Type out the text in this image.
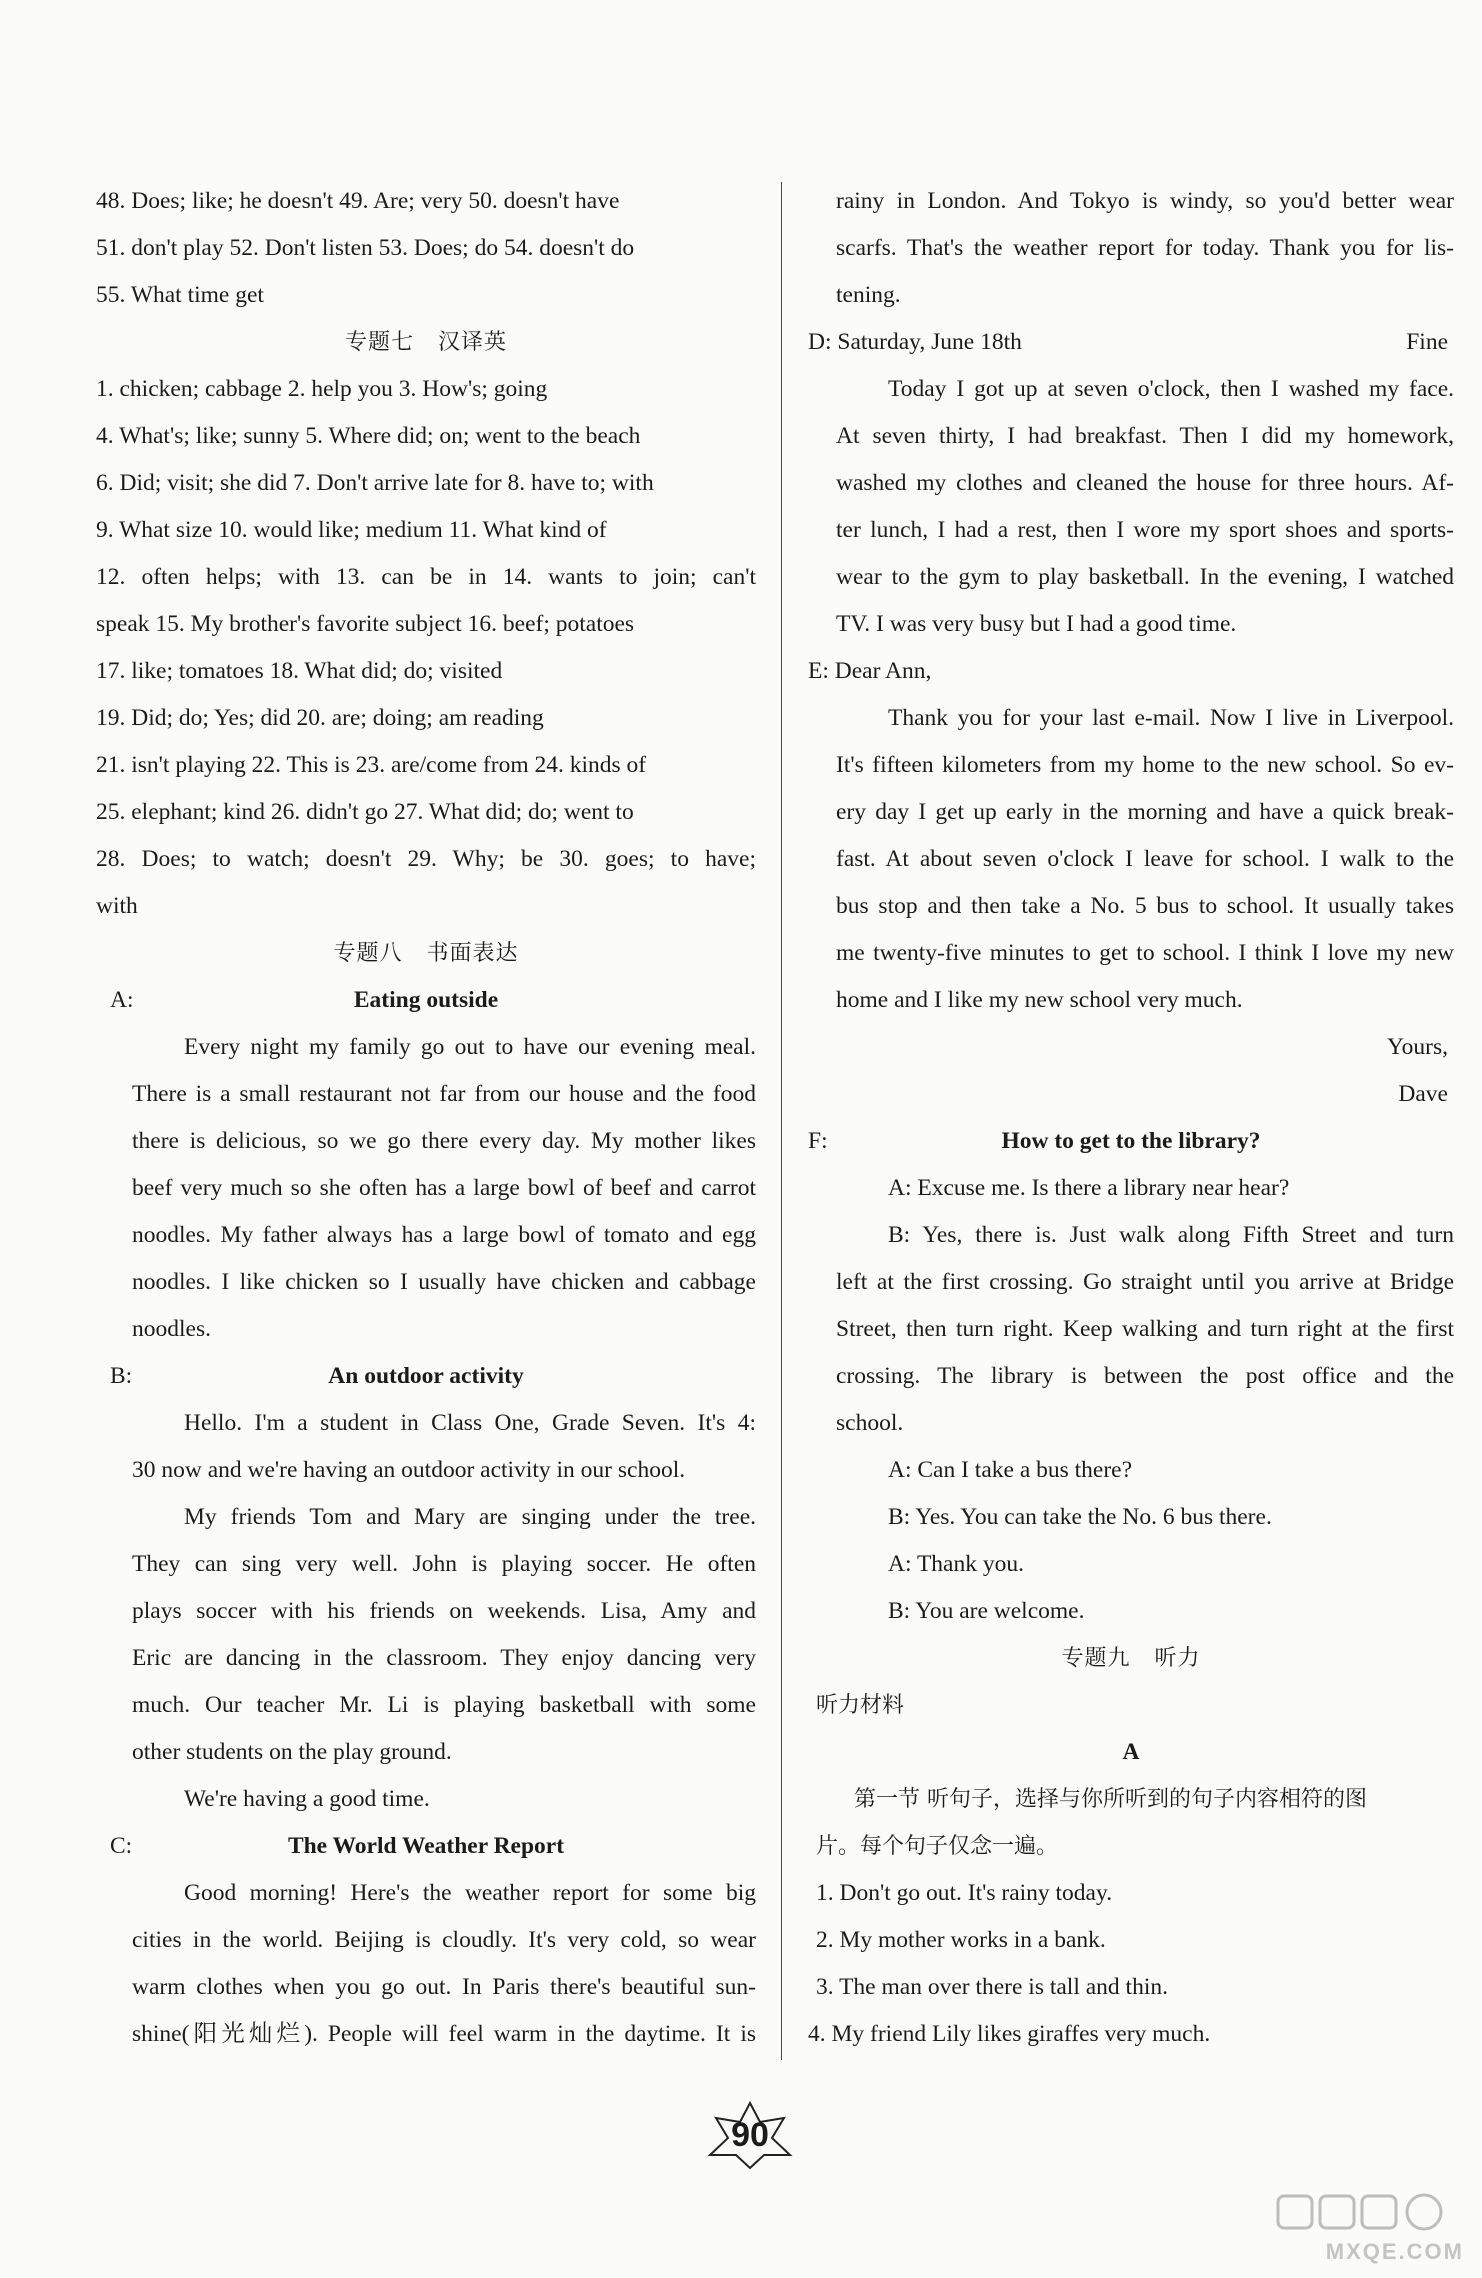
48. Does; like; he doesn't 49. Are; very 50. doesn't have
51. don't play 52. Don't listen 53. Does; do 54. doesn't do
55. What time get
专题七 汉译英
1. chicken; cabbage 2. help you 3. How's; going
4. What's; like; sunny 5. Where did; on; went to the beach
6. Did; visit; she did 7. Don't arrive late for 8. have to; with
9. What size 10. would like; medium 11. What kind of
12. often helps; with 13. can be in 14. wants to join; can't
speak 15. My brother's favorite subject 16. beef; potatoes
17. like; tomatoes 18. What did; do; visited
19. Did; do; Yes; did 20. are; doing; am reading
21. isn't playing 22. This is 23. are/come from 24. kinds of
25. elephant; kind 26. didn't go 27. What did; do; went to
28. Does; to watch; doesn't 29. Why; be 30. goes; to have;
with
专题八 书面表达
A:	Eating outside
Every night my family go out to have our evening meal.
There is a small restaurant not far from our house and the food
there is delicious, so we go there every day. My mother likes
beef very much so she often has a large bowl of beef and carrot
noodles. My father always has a large bowl of tomato and egg
noodles. I like chicken so I usually have chicken and cabbage
noodles.
B:	An outdoor activity
Hello. I'm a student in Class One, Grade Seven. It's 4:
30 now and we're having an outdoor activity in our school.
My friends Tom and Mary are singing under the tree.
They can sing very well. John is playing soccer. He often
plays soccer with his friends on weekends. Lisa, Amy and
Eric are dancing in the classroom. They enjoy dancing very
much. Our teacher Mr. Li is playing basketball with some
other students on the play ground.
We're having a good time.
C:	The World Weather Report
Good morning! Here's the weather report for some big
cities in the world. Beijing is cloudly. It's very cold, so wear
warm clothes when you go out. In Paris there's beautiful sun-
shine(阳光灿烂). People will feel warm in the daytime. It is
rainy in London. And Tokyo is windy, so you'd better wear
scarfs. That's the weather report for today. Thank you for lis-
tening.
D: Saturday, June 18th	Fine
Today I got up at seven o'clock, then I washed my face.
At seven thirty, I had breakfast. Then I did my homework,
washed my clothes and cleaned the house for three hours. Af-
ter lunch, I had a rest, then I wore my sport shoes and sports-
wear to the gym to play basketball. In the evening, I watched
TV. I was very busy but I had a good time.
E: Dear Ann,
Thank you for your last e-mail. Now I live in Liverpool.
It's fifteen kilometers from my home to the new school. So ev-
ery day I get up early in the morning and have a quick break-
fast. At about seven o'clock I leave for school. I walk to the
bus stop and then take a No. 5 bus to school. It usually takes
me twenty-five minutes to get to school. I think I love my new
home and I like my new school very much.
Yours,
Dave
F:	How to get to the library?
A: Excuse me. Is there a library near hear?
B: Yes, there is. Just walk along Fifth Street and turn
left at the first crossing. Go straight until you arrive at Bridge
Street, then turn right. Keep walking and turn right at the first
crossing. The library is between the post office and the
school.
A: Can I take a bus there?
B: Yes. You can take the No. 6 bus there.
A: Thank you.
B: You are welcome.
专题九 听力
听力材料
A
第一节 听句子，选择与你所听到的句子内容相符的图
片。每个句子仅念一遍。
1. Don't go out. It's rainy today.
2. My mother works in a bank.
3. The man over there is tall and thin.
4. My friend Lily likes giraffes very much.
90
MXQE.COM
